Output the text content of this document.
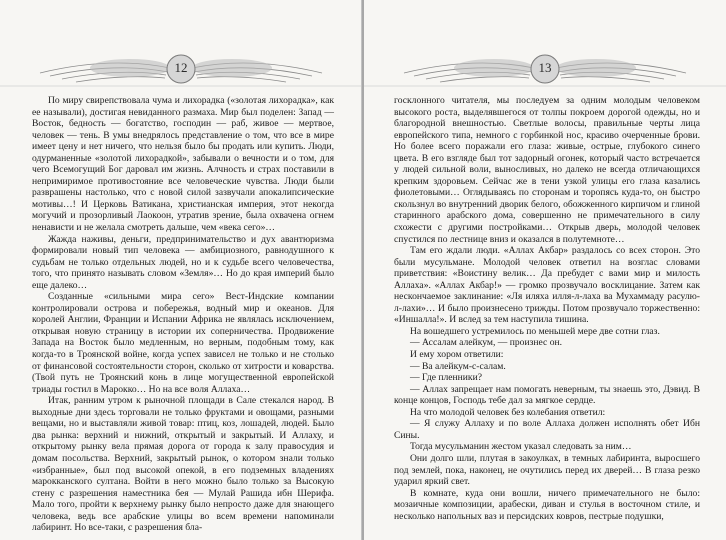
12

По миру свирепствовала чума и лихорадка («золотая лихорадка», как ее называли), достигая невиданного размаха. Мир был поделен: Запад — Восток, бедность — богатство, господин — раб, живое — мертвое, человек — тень. В умы внедрялось представление о том, что все в мире имеет цену и нет ничего, что нельзя было бы продать или купить. Люди, одурманенные «золотой лихорадкой», забывали о вечности и о том, для чего Всемогущий Бог даровал им жизнь. Алчность и страх поставили в непримиримое противостояние все человеческие чувства. Люди были разврашены настолько, что с новой силой зазвучали апокалипсические мотивы…! И Церковь Ватикана, христианская империя, этот некогда могучий и прозорливый Лаокоон, утратив зрение, была охвачена огнем ненависти и не желала смотреть дальше, чем «века сего»…

Жажда наживы, деньги, предпринимательство и дух авантюризма формировали новый тип человека — амбициозного, равнодушного к судьбам не только отдельных людей, но и к судьбе всего человечества, того, что принято называть словом «Земля»… Но до края империй было еще далеко…

Созданные «сильными мира сего» Вест-Индские компании контролировали острова и побережья, водный мир и океанов. Для королей Англии, Франции и Испании Африка не являлась исключением, открывая новую страницу в истории их соперничества. Продвижение Запада на Восток было медленным, но верным, подобным тому, как когда-то в Троянской войне, когда успех зависел не только и не столько от финансовой состоятельности сторон, сколько от хитрости и коварства. (Твой путь не Троянский конь в лице могущественной европейской триады гостил в Марокко… Но на все воля Аллаха…

Итак, ранним утром к рыночной площади в Сале стекался народ. В выходные дни здесь торговали не только фруктами и овощами, разными вещами, но и выставляли живой товар: птиц, коз, лошадей, людей. Было два рынка: верхний и нижний, открытый и закрытый. И Аллаху, и открытому рынку вела прямая дорога от города к залу правосудия и домам посольства. Верхний, закрытый рынок, о котором знали только «избранные», был под высокой опекой, в его подземных владениях марокканского султана. Войти в него можно было только за Высокую стену с разрешения наместника бея — Мулай Рашида ибн Шерифа. Мало того, пройти к верхнему рынку было непросто даже для знающего человека, ведь все арабские улицы во всем времени напоминали лабиринт. Но все-таки, с разрешения бла-

13

госклонного читателя, мы последуем за одним молодым человеком высокого роста, выделявшегося от толпы покроем дорогой одежды, но и благородной внешностью. Светлые волосы, правильные черты лица европейского типа, немного с горбинкой нос, красиво очерченные брови. Но более всего поражали его глаза: живые, острые, глубокого синего цвета. В его взгляде был тот задорный огонек, который часто встречается у людей сильной воли, выносливых, но далеко не всегда отличающихся крепким здоровьем. Сейчас же в тени узкой улицы его глаза казались фиолетовыми… Оглядываясь по сторонам и торопясь куда-то, он быстро скользнул во внутренний дворик белого, обожженного кирпичом и глиной старинного арабского дома, совершенно не примечательного в силу схожести с другими постройками… Открыв дверь, молодой человек спустился по лестнице вниз и оказался в полутемноте…

Там его ждали люди. «Аллах Акбар» раздалось со всех сторон. Это были мусульмане. Молодой человек ответил на возглас словами приветствия: «Воистину велик… Да пребудет с вами мир и милость Аллаха». «Аллах Акбар!» — громко прозвучало восклицание. Затем как нескончаемое заклинание: «Ля иляха илля-л-лаха ва Мухаммаду расулю-л-лахи»… И было произнесено трижды. Потом прозвучало торжественно: «Иншалла!». И вслед за тем наступила тишина.

На вошедшего устремилось по меньшей мере две сотни глаз.

— Ассалам алейкум, — произнес он.

И ему хором ответили:

— Ва алейкум-с-салам.

— Где пленники?

— Аллах запрещает нам помогать неверным, ты знаешь это, Дэвид. В конце концов, Господь тебе дал за мягкое сердце.

На что молодой человек без колебания ответил:

— Я служу Аллаху и по воле Аллаха должен исполнять обет Ибн Сины.

Тогда мусульманин жестом указал следовать за ним…

Они долго шли, плутая в закоулках, в темных лабиринта, выросшего под землей, пока, наконец, не очутились перед их дверей… В глаза резко ударил яркий свет.

В комнате, куда они вошли, ничего примечательного не было: мозаичные композиции, арабески, диван и стулья в восточном стиле, и несколько напольных ваз и персидских ковров, пестрые подушки,
